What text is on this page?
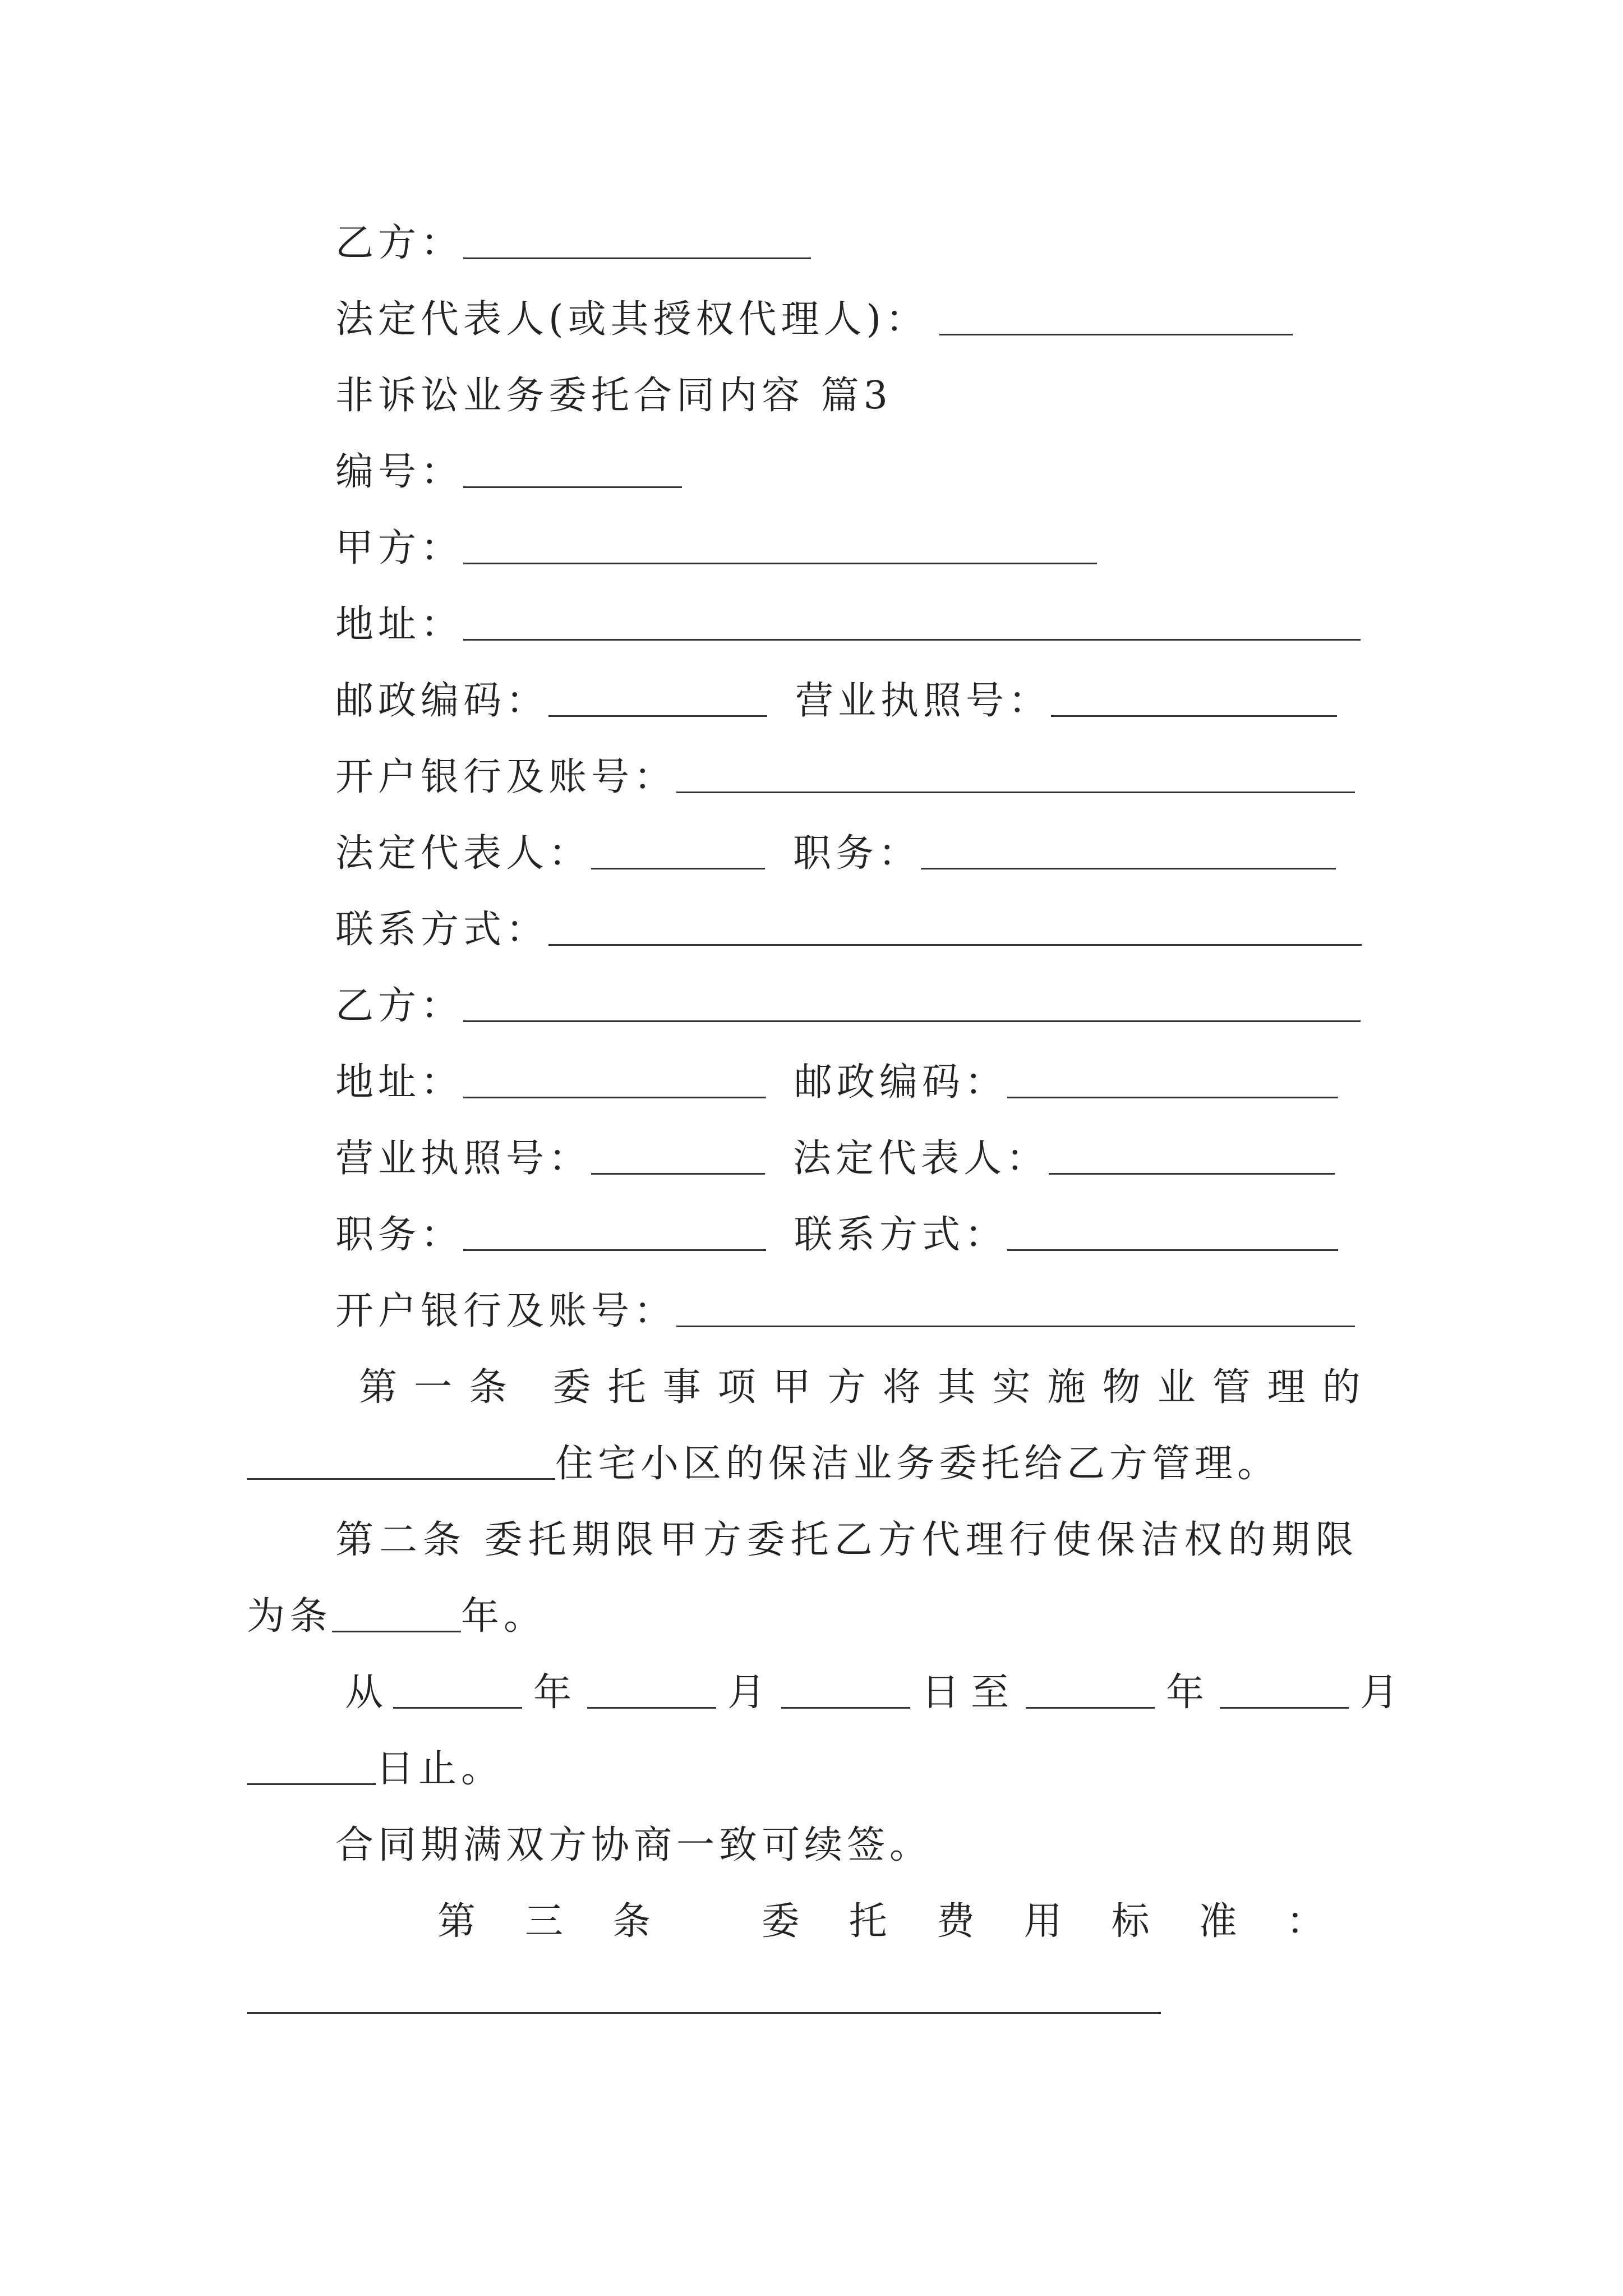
乙方：
法定代表人(或其授权代理人)：
非诉讼业务委托合同内容 篇3
编号：
甲方：
地址：
邮政编码：	营业执照号：
开户银行及账号：
法定代表人：	职务：
联系方式：
乙方：
地址：	邮政编码：
营业执照号：	法定代表人：
职务：	联系方式：
开户银行及账号：
第一条 委托事项甲方将其实施物业管理的
住宅小区的保洁业务委托给乙方管理。
第二条 委托期限甲方委托乙方代理行使保洁权的期限
为条	年。
从	年	月	日至	年	月
日止。
合同期满双方协商一致可续签。
第三条 委托费用标准：
